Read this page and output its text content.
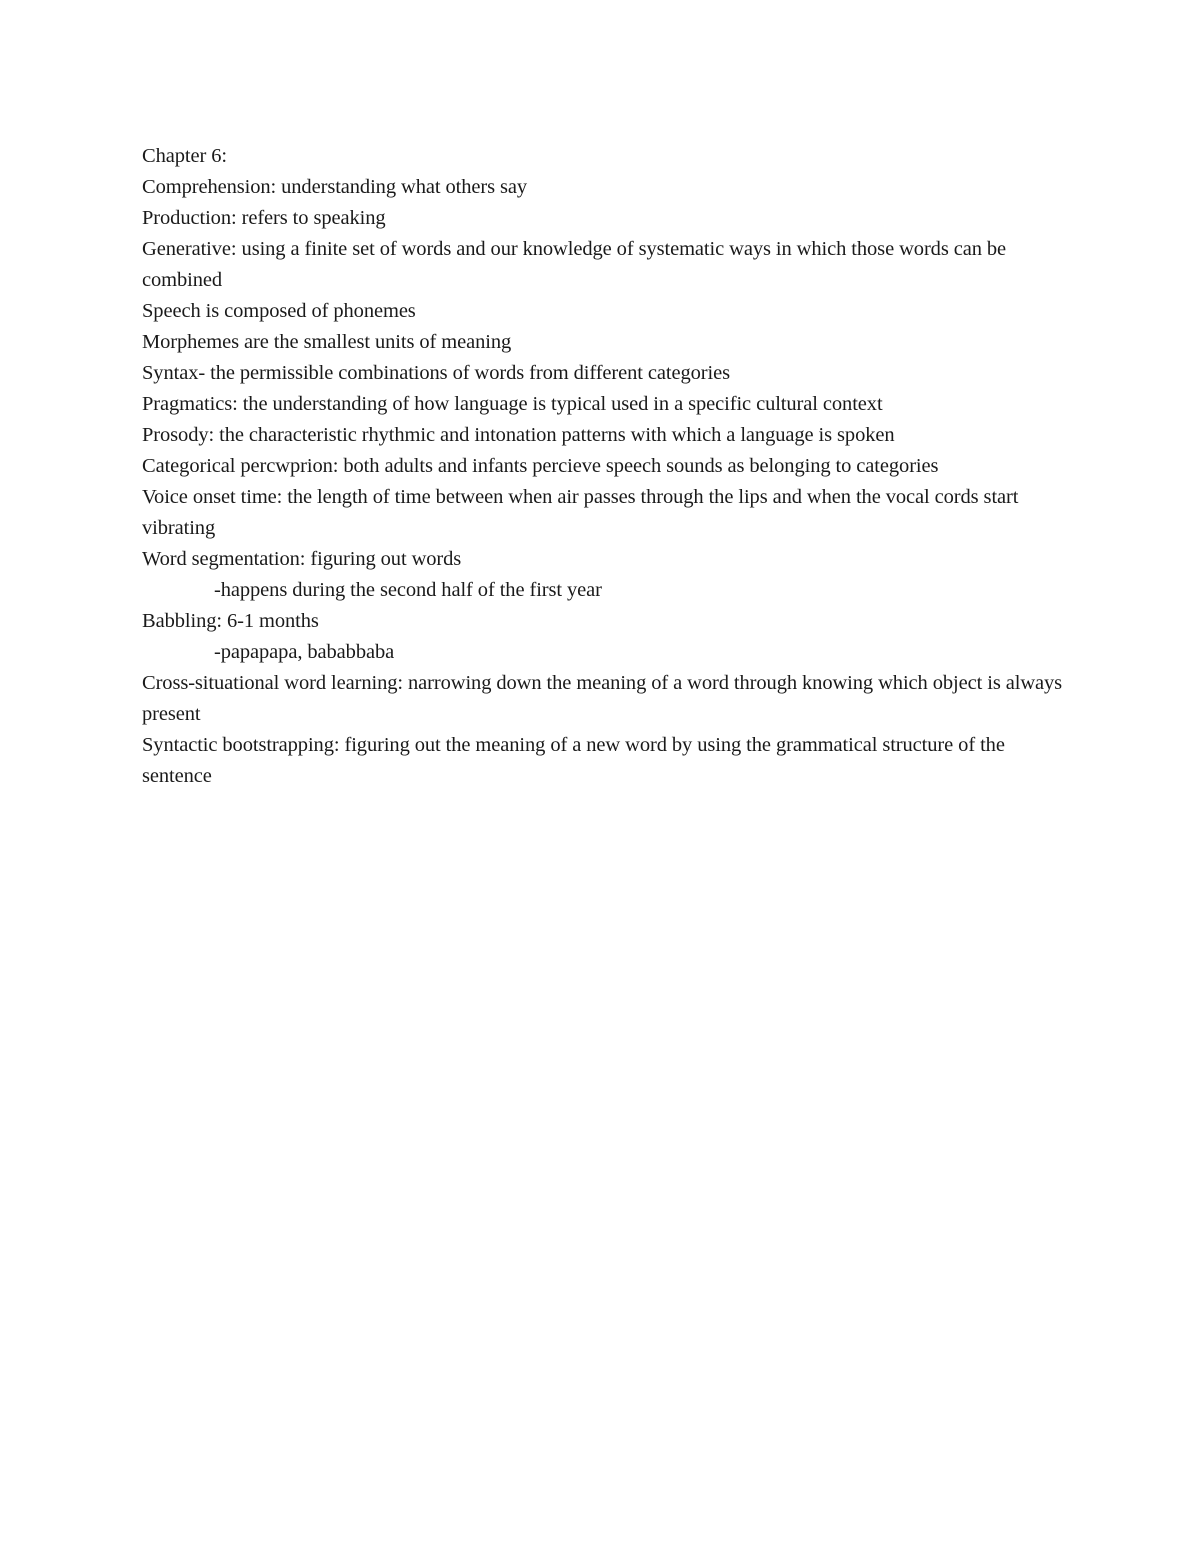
Chapter 6:
Comprehension: understanding what others say
Production: refers to speaking
Generative: using a finite set of words and our knowledge of systematic ways in which those words can be combined
Speech is composed of phonemes
Morphemes are the smallest units of meaning
Syntax- the permissible combinations of words from different categories
Pragmatics: the understanding of how language is typical used in a specific cultural context
Prosody: the characteristic rhythmic and intonation patterns with which a language is spoken
Categorical percwprion: both adults and infants percieve speech sounds as belonging to categories
Voice onset time: the length of time between when air passes through the lips and when the vocal cords start vibrating
Word segmentation: figuring out words
-happens during the second half of the first year
Babbling: 6-1 months
-papapapa, bababbaba
Cross-situational word learning: narrowing down the meaning of a word through knowing which object is always present
Syntactic bootstrapping: figuring out the meaning of a new word by using the grammatical structure of the sentence
